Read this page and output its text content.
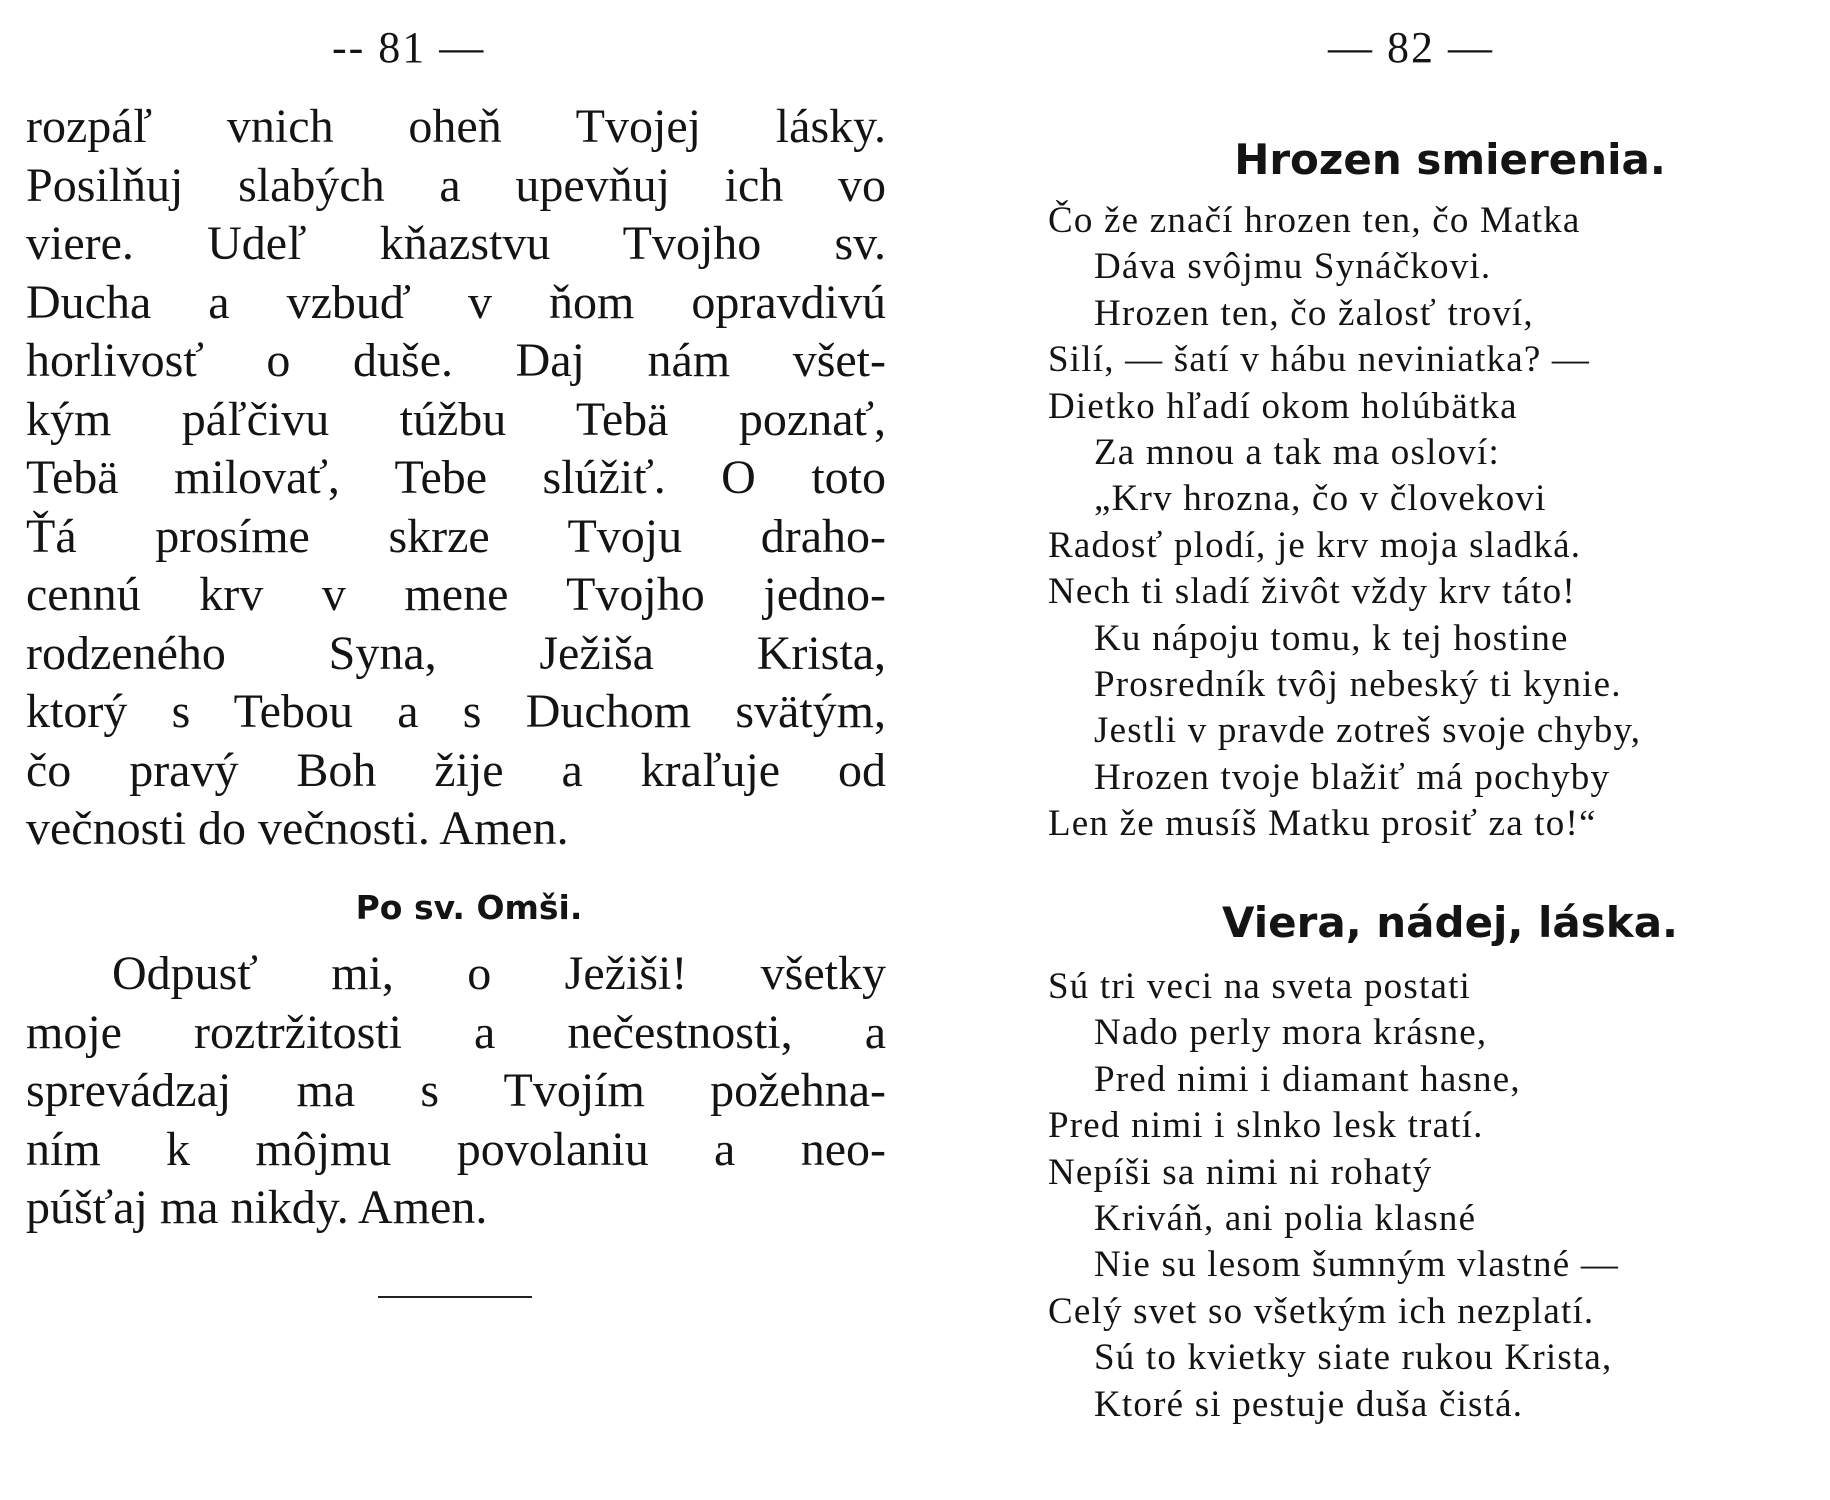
-- 81 —
rozpáľ vnich oheň Tvojej lásky.
Posilňuj slabých a upevňuj ich vo
viere. Udeľ kňazstvu Tvojho sv.
Ducha a vzbuď v ňom opravdivú
horlivosť o duše. Daj nám všet-
kým páľčivu túžbu Tebä poznať,
Tebä milovať, Tebe slúžiť. O toto
Ťá prosíme skrze Tvoju draho-
cennú krv v mene Tvojho jedno-
rodzeného Syna, Ježiša Krista,
ktorý s Tebou a s Duchom svätým,
čo pravý Boh žije a kraľuje od
večnosti do večnosti. Amen.
Po sv. Omši.
Odpusť mi, o Ježiši! všetky
moje roztržitosti a nečestnosti, a
sprevádzaj ma s Tvojím požehna-
ním k môjmu povolaniu a neo-
púšťaj ma nikdy. Amen.
— 82 —
Hrozen smierenia.
Čo že značí hrozen ten, čo Matka
Dáva svôjmu Synáčkovi.
Hrozen ten, čo žalosť troví,
Silí, — šatí v hábu neviniatka? —
Dietko hľadí okom holúbätka
Za mnou a tak ma osloví:
„Krv hrozna, čo v človekovi
Radosť plodí, je krv moja sladká.
Nech ti sladí živôt vždy krv táto!
Ku nápoju tomu, k tej hostine
Prosredník tvôj nebeský ti kynie.
Jestli v pravde zotreš svoje chyby,
Hrozen tvoje blažiť má pochyby
Len že musíš Matku prosiť za to!“
Viera, nádej, láska.
Sú tri veci na sveta postati
Nado perly mora krásne,
Pred nimi i diamant hasne,
Pred nimi i slnko lesk tratí.
Nepíši sa nimi ni rohatý
Kriváň, ani polia klasné
Nie su lesom šumným vlastné —
Celý svet so všetkým ich nezplatí.
Sú to kvietky siate rukou Krista,
Ktoré si pestuje duša čistá.
